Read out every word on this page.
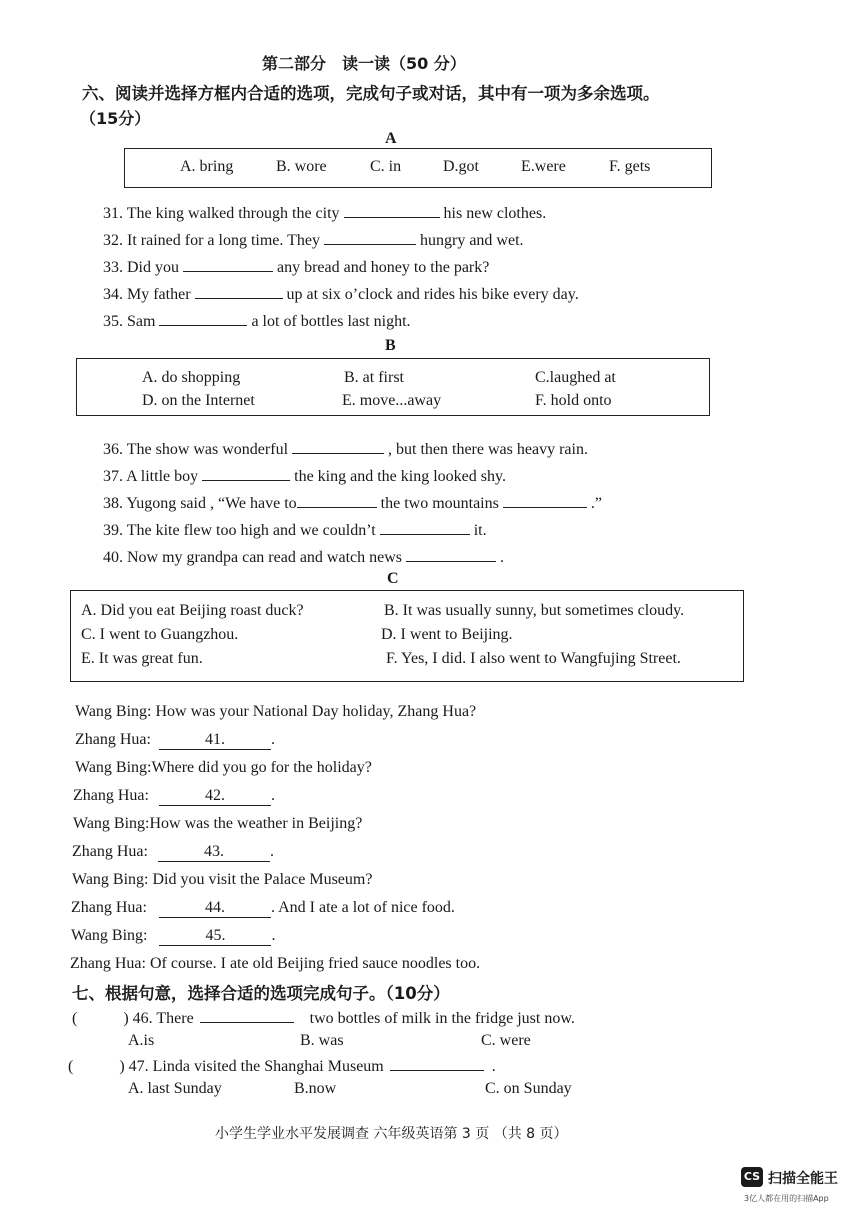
第二部分　读一读（50 分）
六、阅读并选择方框内合适的选项，完成句子或对话，其中有一项为多余选项。
（15分）
A
A. bring	B. wore	C. in	D.got	E.were	F. gets
31. The king walked through the city	his new clothes.
32. It rained for a long time. They	hungry and wet.
33. Did you	any bread and honey to the park?
34. My father	up at six o’clock and rides his bike every day.
35. Sam	a lot of bottles last night.
B
A. do shopping	B. at first	C.laughed at
D. on the Internet	E. move...away	F. hold onto
36. The show was wonderful	, but then there was heavy rain.
37. A little boy	the king and the king looked shy.
38. Yugong said , “We have to	the two mountains	.”
39. The kite flew too high and we couldn’t	it.
40. Now my grandpa can read and watch news	.
C
A. Did you eat Beijing roast duck?	B. It was usually sunny, but sometimes cloudy.
C. I went to Guangzhou.	D. I went to Beijing.
E. It was great fun.	F. Yes, I did. I also went to Wangfujing Street.
Wang Bing: How was your National Day holiday, Zhang Hua?
Zhang Hua:	41.	.
Wang Bing:Where did you go for the holiday?
Zhang Hua:	42.	.
Wang Bing:How was the weather in Beijing?
Zhang Hua:	43.	.
Wang Bing: Did you visit the Palace Museum?
Zhang Hua:	44.	. And I ate a lot of nice food.
Wang Bing:	45.	.
Zhang Hua: Of course. I ate old Beijing fried sauce noodles too.
七、根据句意，选择合适的选项完成句子。（10分）
(	) 46. There	two bottles of milk in the fridge just now.
A.is	B. was	C. were
(	) 47. Linda visited the Shanghai Museum	.
A. last Sunday	B.now	C. on Sunday
小学生学业水平发展调查 六年级英语第 3 页 （共 8 页）
CS 扫描全能王
3亿人都在用的扫描App
